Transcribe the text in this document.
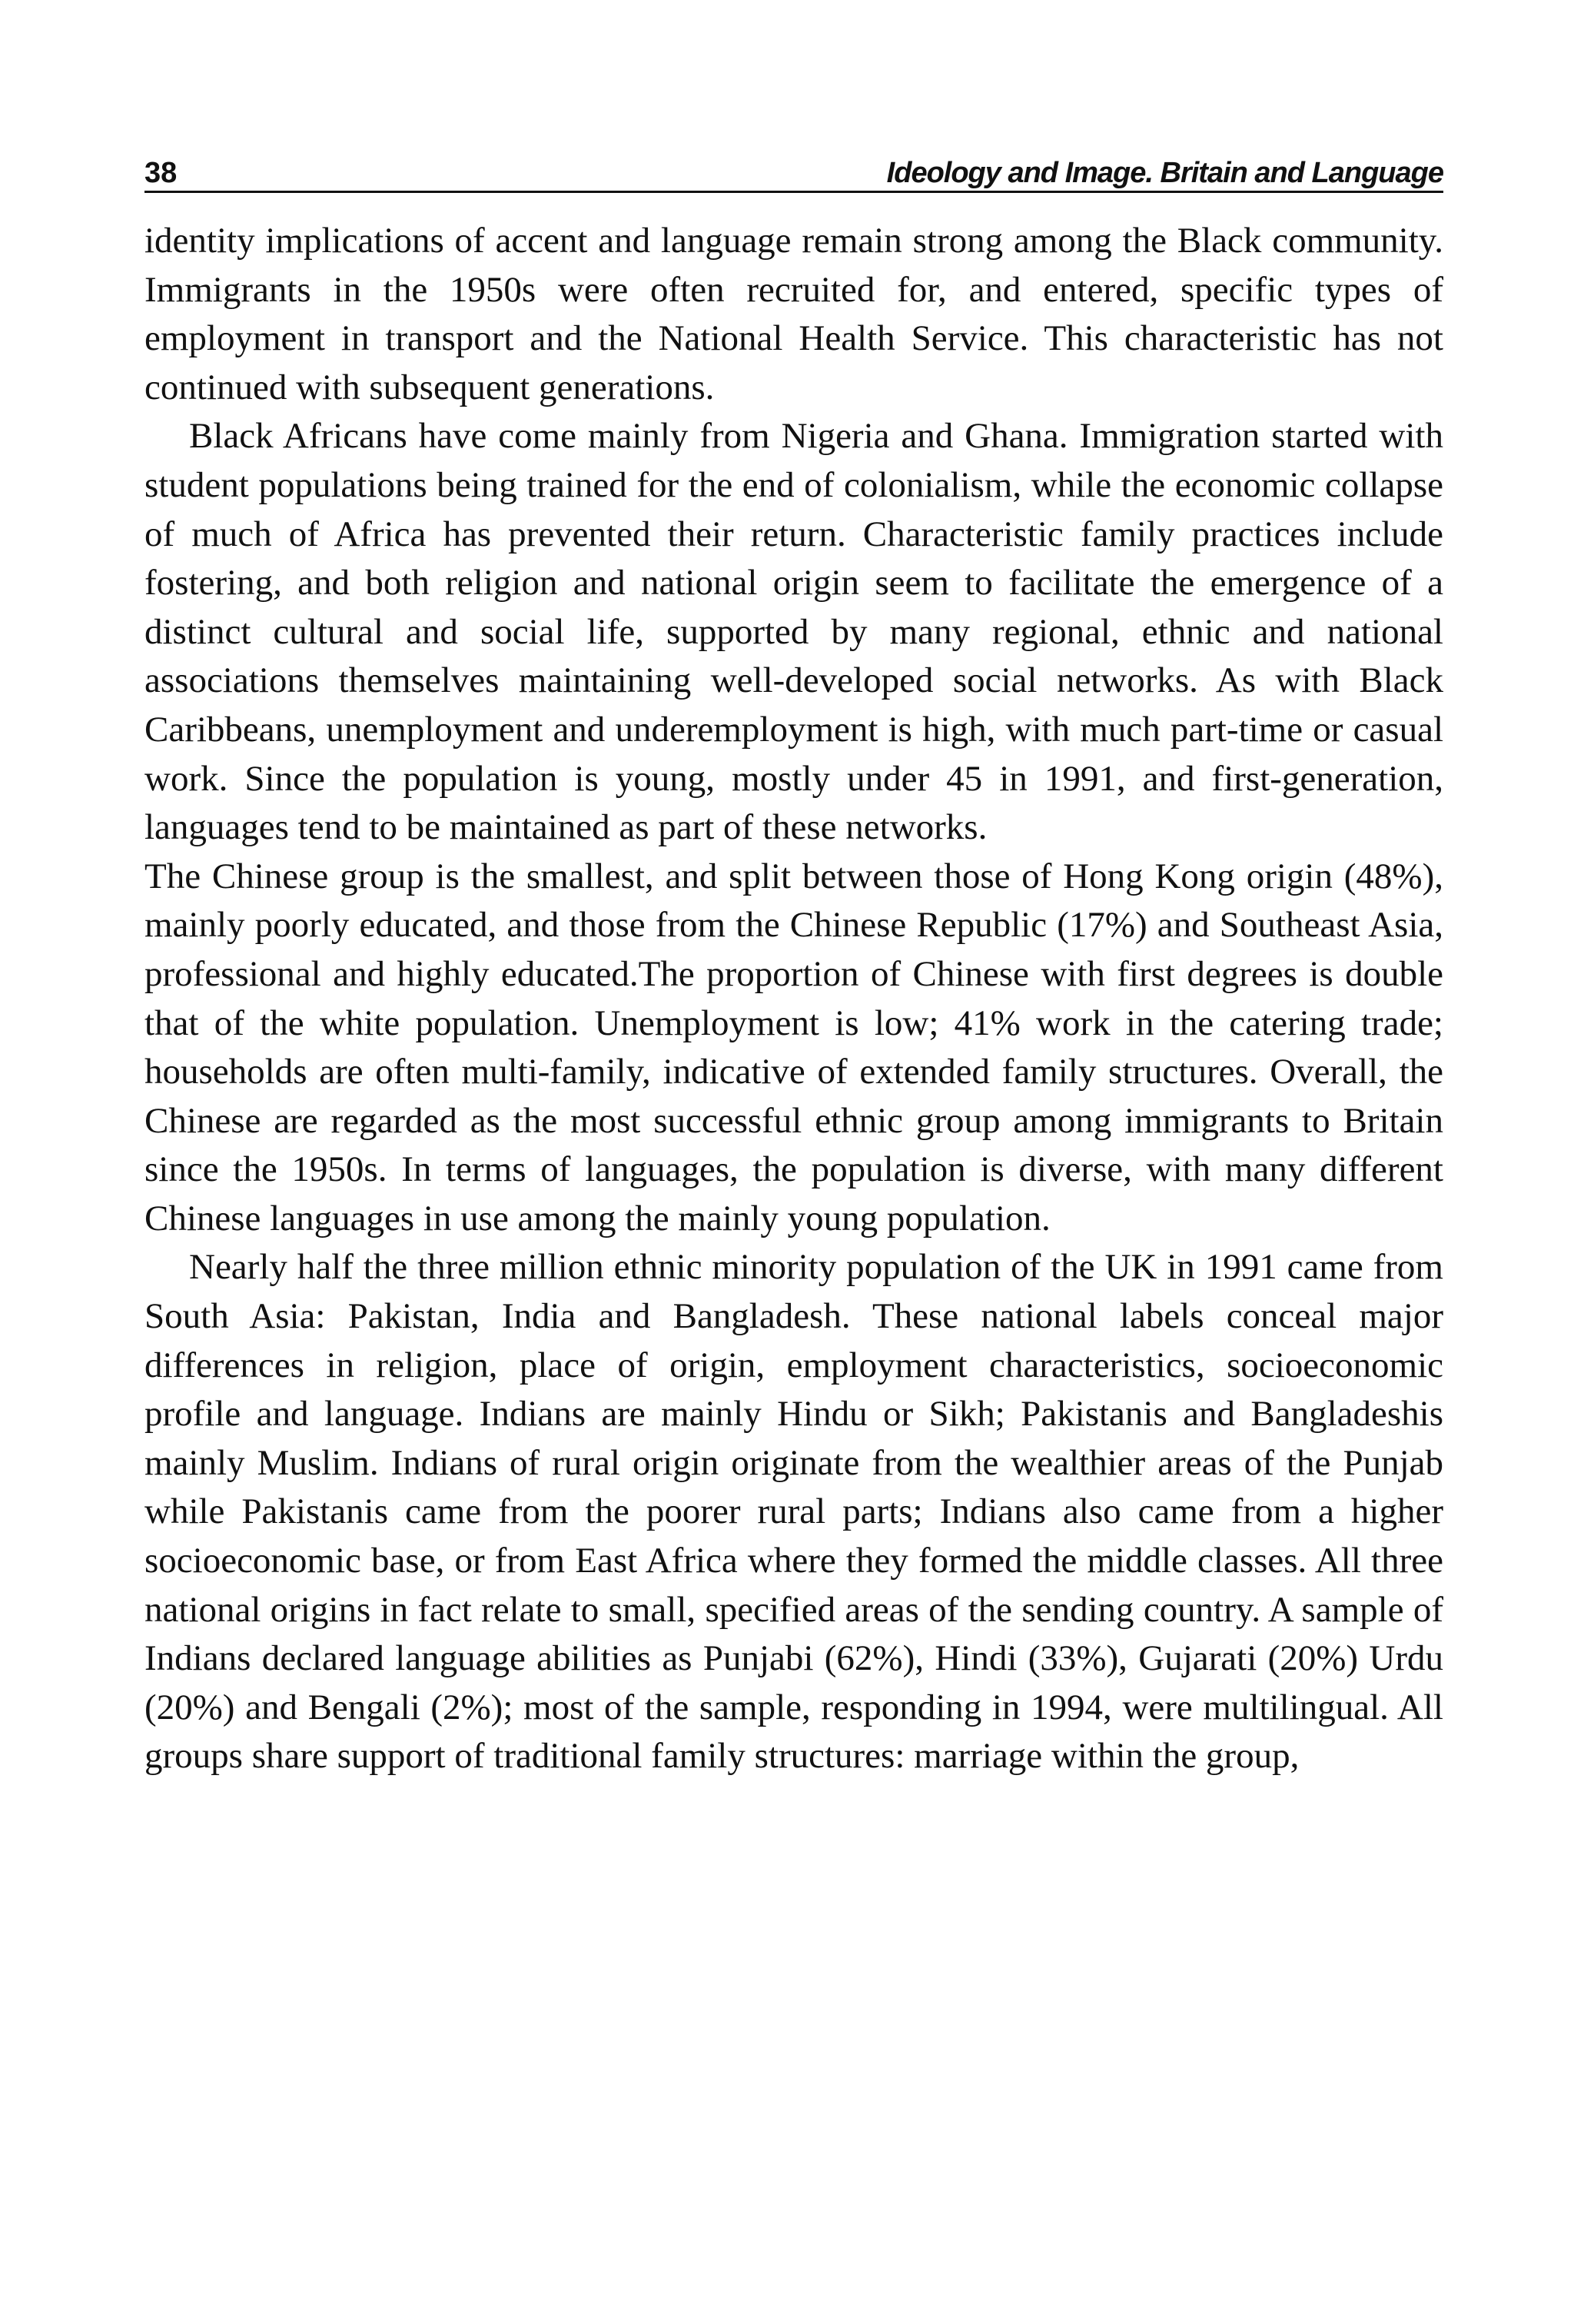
38	Ideology and Image. Britain and Language

identity implications of accent and language remain strong among the Black community. Immigrants in the 1950s were often recruited for, and entered, specific types of employment in transport and the National Health Service. This characteristic has not continued with subsequent generations.

Black Africans have come mainly from Nigeria and Ghana. Immigration started with student populations being trained for the end of colonialism, while the economic collapse of much of Africa has prevented their return. Characteristic family practices include fostering, and both religion and national origin seem to facilitate the emergence of a distinct cultural and social life, supported by many regional, ethnic and national associations themselves maintaining well-developed social networks. As with Black Caribbeans, unemployment and underemployment is high, with much part-time or casual work. Since the population is young, mostly under 45 in 1991, and first-generation, languages tend to be maintained as part of these networks.

The Chinese group is the smallest, and split between those of Hong Kong origin (48%), mainly poorly educated, and those from the Chinese Republic (17%) and Southeast Asia, professional and highly educated.The proportion of Chinese with first degrees is double that of the white population. Unemployment is low; 41% work in the catering trade; households are often multi-family, indicative of extended family structures. Overall, the Chinese are regarded as the most successful ethnic group among immigrants to Britain since the 1950s. In terms of languages, the population is diverse, with many different Chinese languages in use among the mainly young population.

Nearly half the three million ethnic minority population of the UK in 1991 came from South Asia: Pakistan, India and Bangladesh. These national labels conceal major differences in religion, place of origin, employment characteristics, socioeconomic profile and language. Indians are mainly Hindu or Sikh; Pakistanis and Bangladeshis mainly Muslim. Indians of rural origin originate from the wealthier areas of the Punjab while Pakistanis came from the poorer rural parts; Indians also came from a higher socioeconomic base, or from East Africa where they formed the middle classes. All three national origins in fact relate to small, specified areas of the sending country. A sample of Indians declared language abilities as Punjabi (62%), Hindi (33%), Gujarati (20%) Urdu (20%) and Bengali (2%); most of the sample, responding in 1994, were multilingual. All groups share support of traditional family structures: marriage within the group,
